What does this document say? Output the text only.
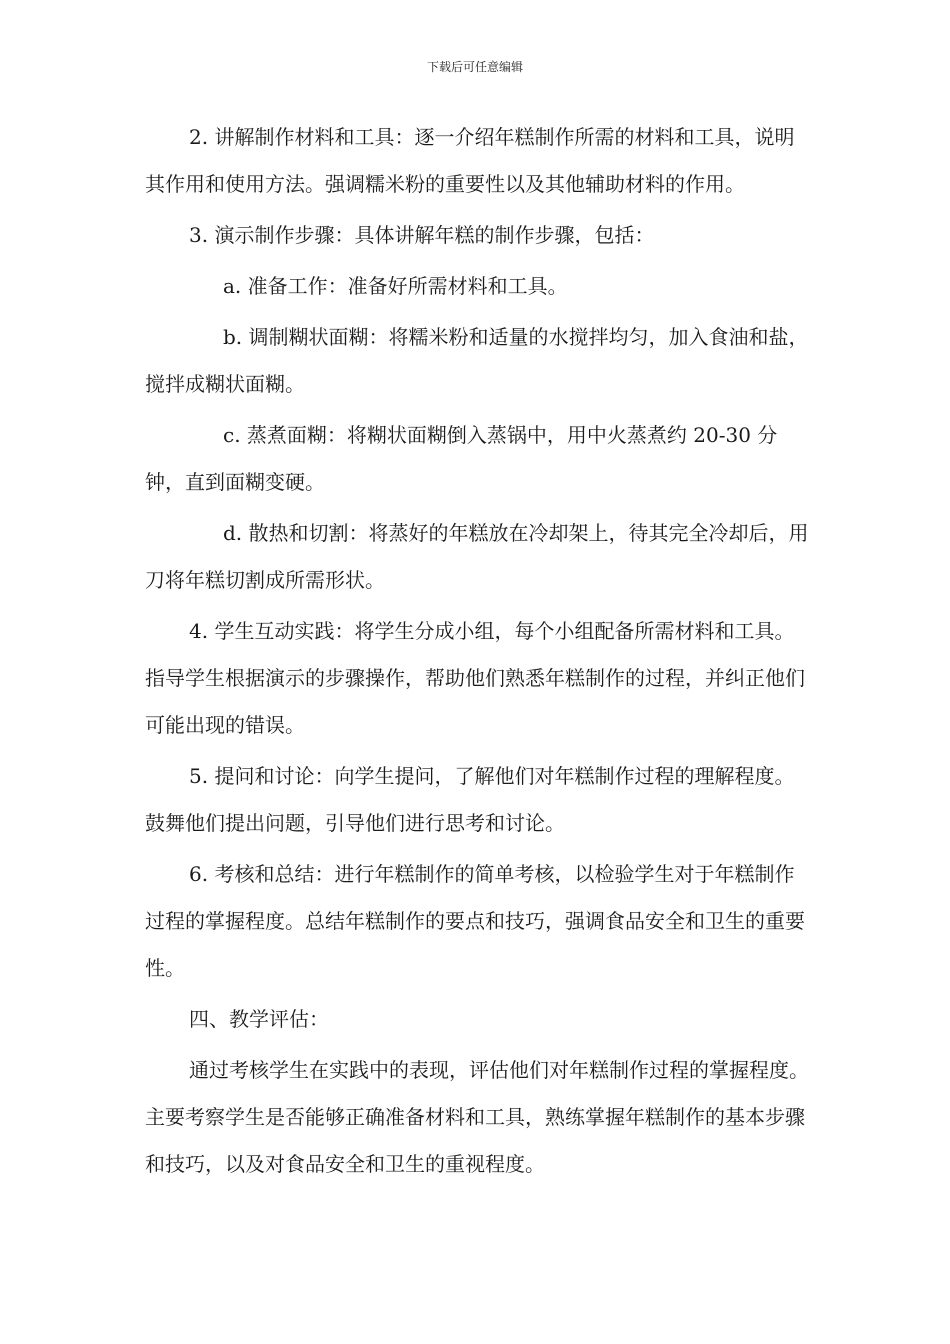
下载后可任意编辑

2. 讲解制作材料和工具：逐一介绍年糕制作所需的材料和工具，说明其作用和使用方法。强调糯米粉的重要性以及其他辅助材料的作用。

3. 演示制作步骤：具体讲解年糕的制作步骤，包括：

a. 准备工作：准备好所需材料和工具。

b. 调制糊状面糊：将糯米粉和适量的水搅拌均匀，加入食油和盐，搅拌成糊状面糊。

c. 蒸煮面糊：将糊状面糊倒入蒸锅中，用中火蒸煮约 20-30 分钟，直到面糊变硬。

d. 散热和切割：将蒸好的年糕放在冷却架上，待其完全冷却后，用刀将年糕切割成所需形状。

4. 学生互动实践：将学生分成小组，每个小组配备所需材料和工具。指导学生根据演示的步骤操作，帮助他们熟悉年糕制作的过程，并纠正他们可能出现的错误。

5. 提问和讨论：向学生提问，了解他们对年糕制作过程的理解程度。鼓舞他们提出问题，引导他们进行思考和讨论。

6. 考核和总结：进行年糕制作的简单考核，以检验学生对于年糕制作过程的掌握程度。总结年糕制作的要点和技巧，强调食品安全和卫生的重要性。

四、教学评估：

通过考核学生在实践中的表现，评估他们对年糕制作过程的掌握程度。主要考察学生是否能够正确准备材料和工具，熟练掌握年糕制作的基本步骤和技巧，以及对食品安全和卫生的重视程度。
